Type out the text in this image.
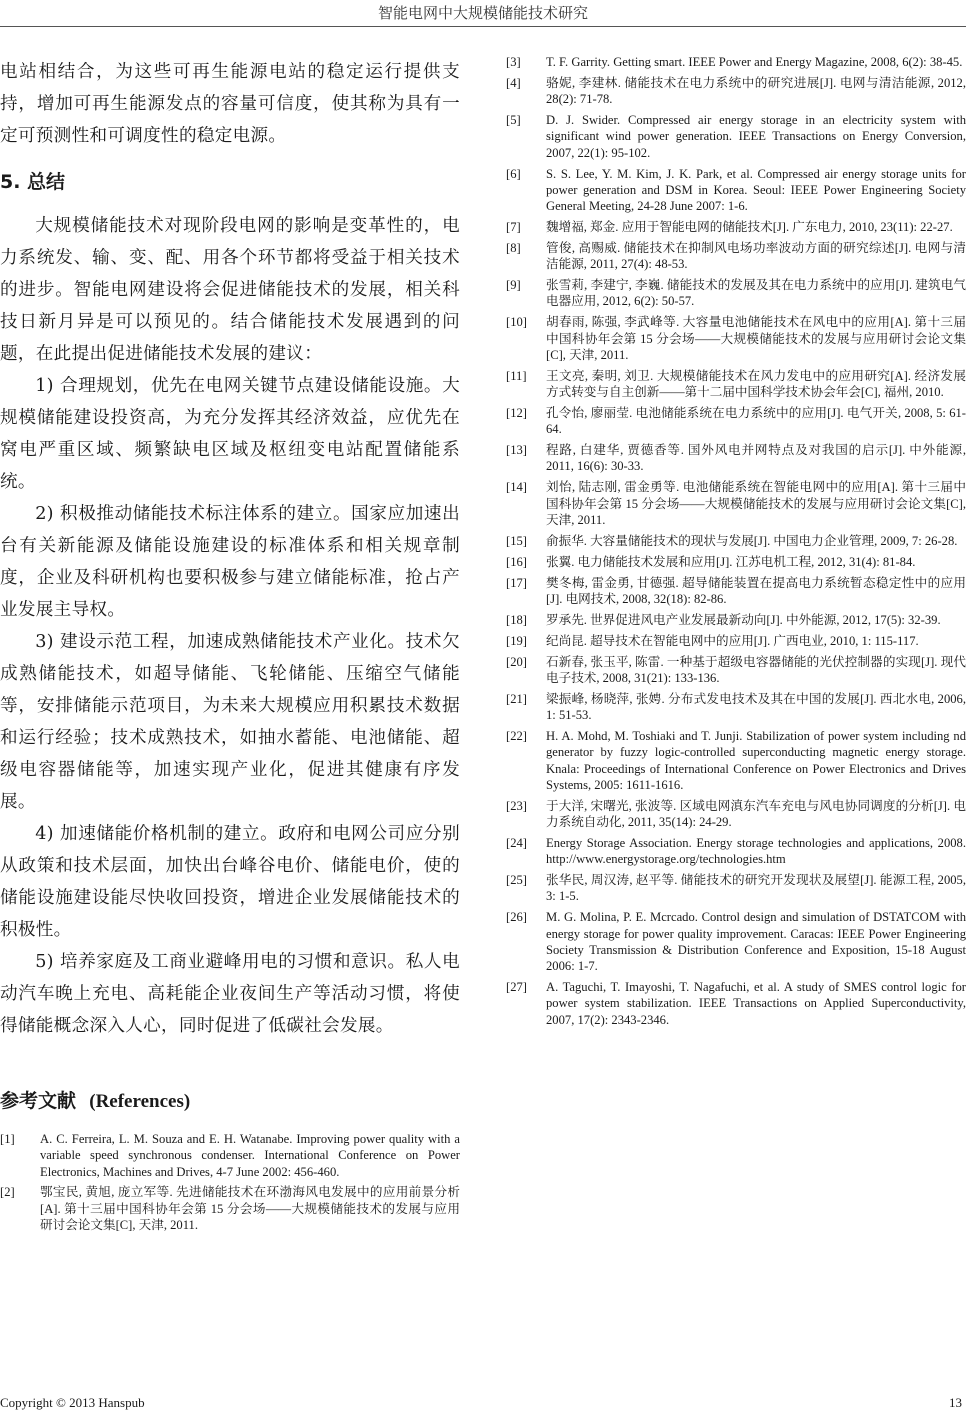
智能电网中大规模储能技术研究

电站相结合，为这些可再生能源电站的稳定运行提供支持，增加可再生能源发点的容量可信度，使其称为具有一定可预测性和可调度性的稳定电源。

5. 总结

大规模储能技术对现阶段电网的影响是变革性的，电力系统发、输、变、配、用各个环节都将受益于相关技术的进步。智能电网建设将会促进储能技术的发展，相关科技日新月异是可以预见的。结合储能技术发展遇到的问题，在此提出促进储能技术发展的建议：

1) 合理规划，优先在电网关键节点建设储能设施。大规模储能建设投资高，为充分发挥其经济效益，应优先在窝电严重区域、频繁缺电区域及枢纽变电站配置储能系统。

2) 积极推动储能技术标注体系的建立。国家应加速出台有关新能源及储能设施建设的标准体系和相关规章制度，企业及科研机构也要积极参与建立储能标准，抢占产业发展主导权。

3) 建设示范工程，加速成熟储能技术产业化。技术欠成熟储能技术，如超导储能、飞轮储能、压缩空气储能等，安排储能示范项目，为未来大规模应用积累技术数据和运行经验；技术成熟技术，如抽水蓄能、电池储能、超级电容器储能等，加速实现产业化，促进其健康有序发展。

4) 加速储能价格机制的建立。政府和电网公司应分别从政策和技术层面，加快出台峰谷电价、储能电价，使的储能设施建设能尽快收回投资，增进企业发展储能技术的积极性。

5) 培养家庭及工商业避峰用电的习惯和意识。私人电动汽车晚上充电、高耗能企业夜间生产等活动习惯，将使得储能概念深入人心，同时促进了低碳社会发展。

参考文献 (References)
[1]	A. C. Ferreira, L. M. Souza and E. H. Watanabe. Improving power quality with a variable speed synchronous condenser. International Conference on Power Electronics, Machines and Drives, 4-7 June 2002: 456-460.
[2]	鄂宝民, 黄旭, 庞立军等. 先进储能技术在环渤海风电发展中的应用前景分析[A]. 第十三届中国科协年会第 15 分会场——大规模储能技术的发展与应用研讨会论文集[C], 天津, 2011.
[3]	T. F. Garrity. Getting smart. IEEE Power and Energy Magazine, 2008, 6(2): 38-45.
[4]	骆妮, 李建林. 储能技术在电力系统中的研究进展[J]. 电网与清洁能源, 2012, 28(2): 71-78.
[5]	D. J. Swider. Compressed air energy storage in an electricity system with significant wind power generation. IEEE Transactions on Energy Conversion, 2007, 22(1): 95-102.
[6]	S. S. Lee, Y. M. Kim, J. K. Park, et al. Compressed air energy storage units for power generation and DSM in Korea. Seoul: IEEE Power Engineering Society General Meeting, 24-28 June 2007: 1-6.
[7]	魏增福, 郑金. 应用于智能电网的储能技术[J]. 广东电力, 2010, 23(11): 22-27.
[8]	管俊, 高赐威. 储能技术在抑制风电场功率波动方面的研究综述[J]. 电网与清洁能源, 2011, 27(4): 48-53.
[9]	张雪莉, 李建宁, 李巍. 储能技术的发展及其在电力系统中的应用[J]. 建筑电气电器应用, 2012, 6(2): 50-57.
[10]	胡春雨, 陈强, 李武峰等. 大容量电池储能技术在风电中的应用[A]. 第十三届中国科协年会第 15 分会场——大规模储能技术的发展与应用研讨会论文集[C], 天津, 2011.
[11]	王文亮, 秦明, 刘卫. 大规模储能技术在风力发电中的应用研究[A]. 经济发展方式转变与自主创新——第十二届中国科学技术协会年会[C], 福州, 2010.
[12]	孔令怡, 廖丽莹. 电池储能系统在电力系统中的应用[J]. 电气开关, 2008, 5: 61-64.
[13]	程路, 白建华, 贾德香等. 国外风电并网特点及对我国的启示[J]. 中外能源, 2011, 16(6): 30-33.
[14]	刘怡, 陆志刚, 雷金勇等. 电池储能系统在智能电网中的应用[A]. 第十三届中国科协年会第 15 分会场——大规模储能技术的发展与应用研讨会论文集[C], 天津, 2011.
[15]	俞振华. 大容量储能技术的现状与发展[J]. 中国电力企业管理, 2009, 7: 26-28.
[16]	张翼. 电力储能技术发展和应用[J]. 江苏电机工程, 2012, 31(4): 81-84.
[17]	樊冬梅, 雷金勇, 甘德强. 超导储能装置在提高电力系统暂态稳定性中的应用[J]. 电网技术, 2008, 32(18): 82-86.
[18]	罗承先. 世界促进风电产业发展最新动向[J]. 中外能源, 2012, 17(5): 32-39.
[19]	纪尚昆. 超导技术在智能电网中的应用[J]. 广西电业, 2010, 1: 115-117.
[20]	石新春, 张玉平, 陈雷. 一种基于超级电容器储能的光伏控制器的实现[J]. 现代电子技术, 2008, 31(21): 133-136.
[21]	梁振峰, 杨晓萍, 张娉. 分布式发电技术及其在中国的发展[J]. 西北水电, 2006, 1: 51-53.
[22]	H. A. Mohd, M. Toshiaki and T. Junji. Stabilization of power system including nd generator by fuzzy logic-controlled superconducting magnetic energy storage. Knala: Proceedings of International Conference on Power Electronics and Drives Systems, 2005: 1611-1616.
[23]	于大洋, 宋曙光, 张波等. 区域电网滇东汽车充电与风电协同调度的分析[J]. 电力系统自动化, 2011, 35(14): 24-29.
[24]	Energy Storage Association. Energy storage technologies and applications, 2008. http://www.energystorage.org/technologies.htm
[25]	张华民, 周汉涛, 赵平等. 储能技术的研究开发现状及展望[J]. 能源工程, 2005, 3: 1-5.
[26]	M. G. Molina, P. E. Mcrcado. Control design and simulation of DSTATCOM with energy storage for power quality improvement. Caracas: IEEE Power Engineering Society Transmission & Distribution Conference and Exposition, 15-18 August 2006: 1-7.
[27]	A. Taguchi, T. Imayoshi, T. Nagafuchi, et al. A study of SMES control logic for power system stabilization. IEEE Transactions on Applied Superconductivity, 2007, 17(2): 2343-2346.
Copyright © 2013 Hanspub	13
